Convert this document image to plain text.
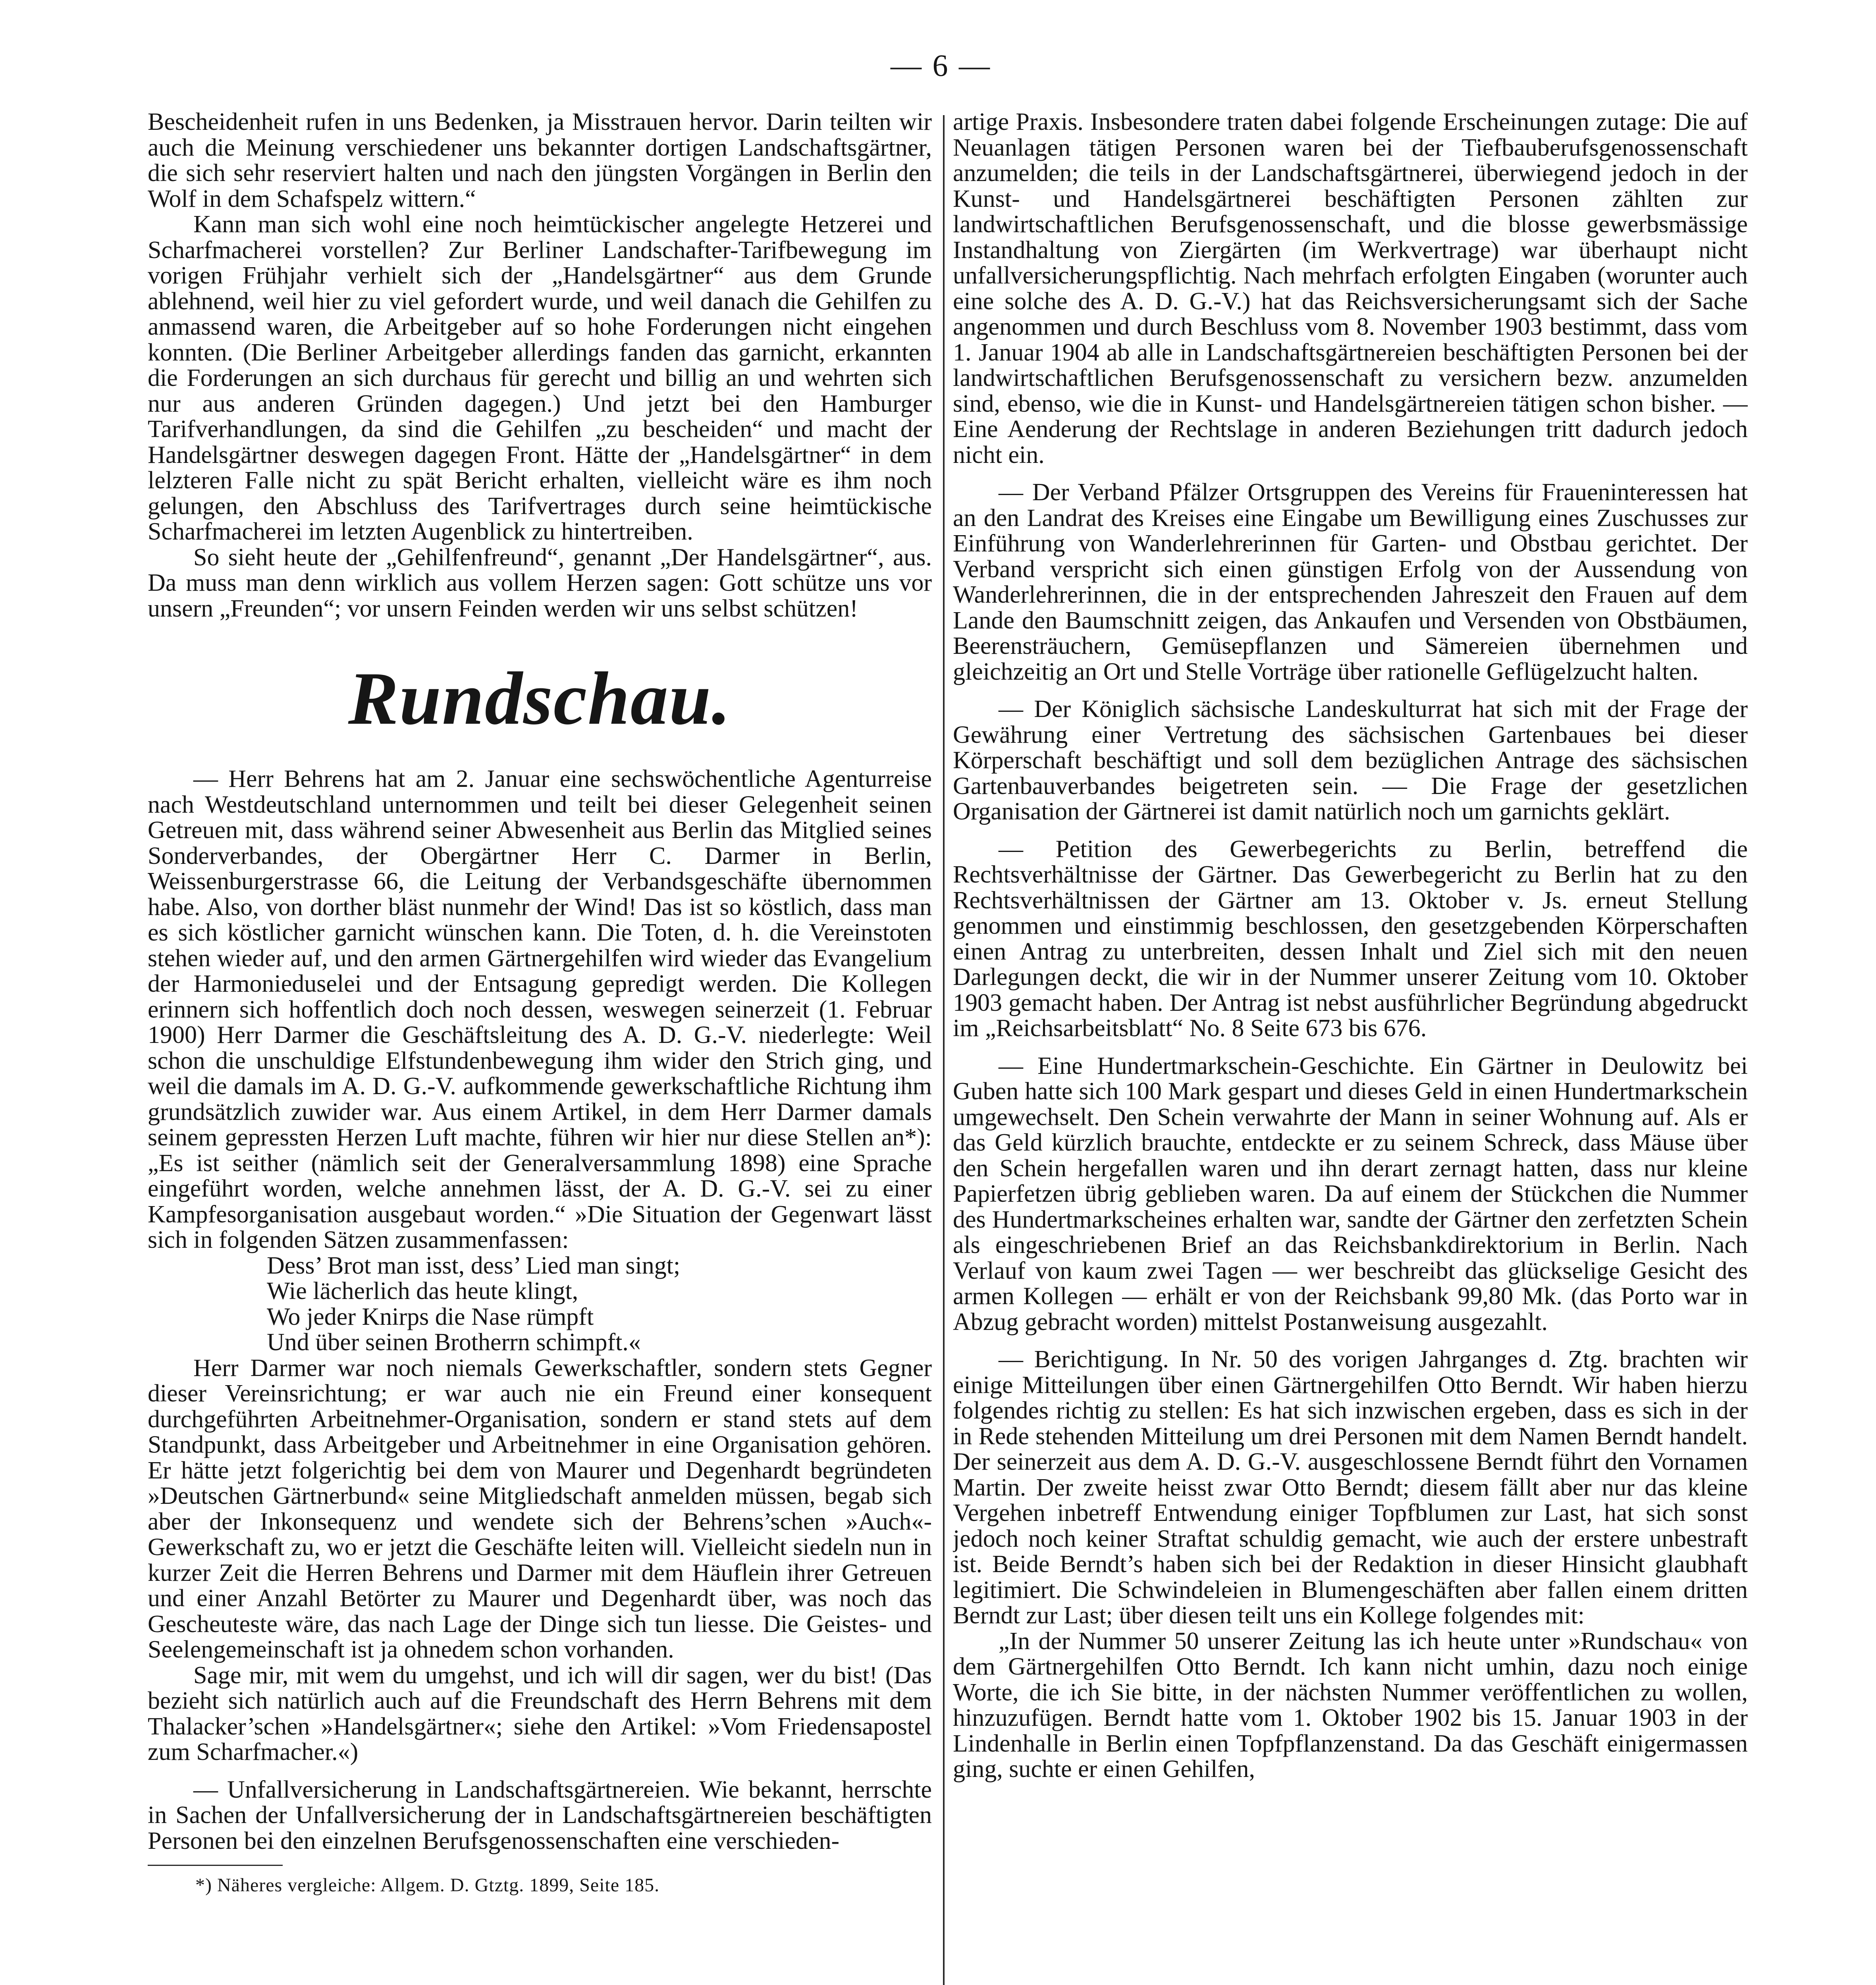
— 6 —

Bescheidenheit rufen in uns Bedenken, ja Misstrauen hervor. Darin teilten wir auch die Meinung verschiedener uns bekannter dortigen Landschaftsgärtner, die sich sehr reserviert halten und nach den jüngsten Vorgängen in Berlin den Wolf in dem Schafspelz wittern.“

Kann man sich wohl eine noch heimtückischer angelegte Hetzerei und Scharfmacherei vorstellen? Zur Berliner Landschafter-Tarifbewegung im vorigen Frühjahr verhielt sich der „Handelsgärtner“ aus dem Grunde ablehnend, weil hier zu viel gefordert wurde, und weil danach die Gehilfen zu anmassend waren, die Arbeitgeber auf so hohe Forderungen nicht eingehen konnten. (Die Berliner Arbeitgeber allerdings fanden das garnicht, erkannten die Forderungen an sich durchaus für gerecht und billig an und wehrten sich nur aus anderen Gründen dagegen.) Und jetzt bei den Hamburger Tarifverhandlungen, da sind die Gehilfen „zu bescheiden“ und macht der Handelsgärtner deswegen dagegen Front. Hätte der „Handelsgärtner“ in dem lelzteren Falle nicht zu spät Bericht erhalten, vielleicht wäre es ihm noch gelungen, den Abschluss des Tarifvertrages durch seine heimtückische Scharfmacherei im letzten Augenblick zu hintertreiben.

So sieht heute der „Gehilfenfreund“, genannt „Der Handelsgärtner“, aus. Da muss man denn wirklich aus vollem Herzen sagen: Gott schütze uns vor unsern „Freunden“; vor unsern Feinden werden wir uns selbst schützen!

Rundschau.

— Herr Behrens hat am 2. Januar eine sechswöchentliche Agenturreise nach Westdeutschland unternommen und teilt bei dieser Gelegenheit seinen Getreuen mit, dass während seiner Abwesenheit aus Berlin das Mitglied seines Sonderverbandes, der Obergärtner Herr C. Darmer in Berlin, Weissenburgerstrasse 66, die Leitung der Verbandsgeschäfte übernommen habe. Also, von dorther bläst nunmehr der Wind! Das ist so köstlich, dass man es sich köstlicher garnicht wünschen kann. Die Toten, d. h. die Vereinstoten stehen wieder auf, und den armen Gärtnergehilfen wird wieder das Evangelium der Harmonieduselei und der Entsagung gepredigt werden. Die Kollegen erinnern sich hoffentlich doch noch dessen, weswegen seinerzeit (1. Februar 1900) Herr Darmer die Geschäftsleitung des A. D. G.-V. niederlegte: Weil schon die unschuldige Elfstundenbewegung ihm wider den Strich ging, und weil die damals im A. D. G.-V. aufkommende gewerkschaftliche Richtung ihm grundsätzlich zuwider war. Aus einem Artikel, in dem Herr Darmer damals seinem gepressten Herzen Luft machte, führen wir hier nur diese Stellen an*): „Es ist seither (nämlich seit der Generalversammlung 1898) eine Sprache eingeführt worden, welche annehmen lässt, der A. D. G.-V. sei zu einer Kampfesorganisation ausgebaut worden.“ »Die Situation der Gegenwart lässt sich in folgenden Sätzen zusammenfassen:

Dess’ Brot man isst, dess’ Lied man singt;

Wie lächerlich das heute klingt,

Wo jeder Knirps die Nase rümpft

Und über seinen Brotherrn schimpft.«

Herr Darmer war noch niemals Gewerkschaftler, sondern stets Gegner dieser Vereinsrichtung; er war auch nie ein Freund einer konsequent durchgeführten Arbeitnehmer-Organisation, sondern er stand stets auf dem Standpunkt, dass Arbeitgeber und Arbeitnehmer in eine Organisation gehören. Er hätte jetzt folgerichtig bei dem von Maurer und Degenhardt begründeten »Deutschen Gärtnerbund« seine Mitgliedschaft anmelden müssen, begab sich aber der Inkonsequenz und wendete sich der Behrens’schen »Auch«-Gewerkschaft zu, wo er jetzt die Geschäfte leiten will. Vielleicht siedeln nun in kurzer Zeit die Herren Behrens und Darmer mit dem Häuflein ihrer Getreuen und einer Anzahl Betörter zu Maurer und Degenhardt über, was noch das Gescheuteste wäre, das nach Lage der Dinge sich tun liesse. Die Geistes- und Seelengemeinschaft ist ja ohnedem schon vorhanden.

Sage mir, mit wem du umgehst, und ich will dir sagen, wer du bist! (Das bezieht sich natürlich auch auf die Freundschaft des Herrn Behrens mit dem Thalacker’schen »Handelsgärtner«; siehe den Artikel: »Vom Friedensapostel zum Scharfmacher.«)

— Unfallversicherung in Landschaftsgärtnereien. Wie bekannt, herrschte in Sachen der Unfallversicherung der in Landschaftsgärtnereien beschäftigten Personen bei den einzelnen Berufsgenossenschaften eine verschieden-

*) Näheres vergleiche: Allgem. D. Gtztg. 1899, Seite 185.

artige Praxis. Insbesondere traten dabei folgende Erscheinungen zutage: Die auf Neuanlagen tätigen Personen waren bei der Tiefbauberufsgenossenschaft anzumelden; die teils in der Landschaftsgärtnerei, überwiegend jedoch in der Kunst- und Handelsgärtnerei beschäftigten Personen zählten zur landwirtschaftlichen Berufsgenossenschaft, und die blosse gewerbsmässige Instandhaltung von Ziergärten (im Werkvertrage) war überhaupt nicht unfallversicherungspflichtig. Nach mehrfach erfolgten Eingaben (worunter auch eine solche des A. D. G.-V.) hat das Reichsversicherungsamt sich der Sache angenommen und durch Beschluss vom 8. November 1903 bestimmt, dass vom 1. Januar 1904 ab alle in Landschaftsgärtnereien beschäftigten Personen bei der landwirtschaftlichen Berufsgenossenschaft zu versichern bezw. anzumelden sind, ebenso, wie die in Kunst- und Handelsgärtnereien tätigen schon bisher. — Eine Aenderung der Rechtslage in anderen Beziehungen tritt dadurch jedoch nicht ein.

— Der Verband Pfälzer Ortsgruppen des Vereins für Fraueninteressen hat an den Landrat des Kreises eine Eingabe um Bewilligung eines Zuschusses zur Einführung von Wanderlehrerinnen für Garten- und Obstbau gerichtet. Der Verband verspricht sich einen günstigen Erfolg von der Aussendung von Wanderlehrerinnen, die in der entsprechenden Jahreszeit den Frauen auf dem Lande den Baumschnitt zeigen, das Ankaufen und Versenden von Obstbäumen, Beerensträuchern, Gemüsepflanzen und Sämereien übernehmen und gleichzeitig an Ort und Stelle Vorträge über rationelle Geflügelzucht halten.

— Der Königlich sächsische Landeskulturrat hat sich mit der Frage der Gewährung einer Vertretung des sächsischen Gartenbaues bei dieser Körperschaft beschäftigt und soll dem bezüglichen Antrage des sächsischen Gartenbauverbandes beigetreten sein. — Die Frage der gesetzlichen Organisation der Gärtnerei ist damit natürlich noch um garnichts geklärt.

— Petition des Gewerbegerichts zu Berlin, betreffend die Rechtsverhältnisse der Gärtner. Das Gewerbegericht zu Berlin hat zu den Rechtsverhältnissen der Gärtner am 13. Oktober v. Js. erneut Stellung genommen und einstimmig beschlossen, den gesetzgebenden Körperschaften einen Antrag zu unterbreiten, dessen Inhalt und Ziel sich mit den neuen Darlegungen deckt, die wir in der Nummer unserer Zeitung vom 10. Oktober 1903 gemacht haben. Der Antrag ist nebst ausführlicher Begründung abgedruckt im „Reichsarbeitsblatt“ No. 8 Seite 673 bis 676.

— Eine Hundertmarkschein-Geschichte. Ein Gärtner in Deulowitz bei Guben hatte sich 100 Mark gespart und dieses Geld in einen Hundertmarkschein umgewechselt. Den Schein verwahrte der Mann in seiner Wohnung auf. Als er das Geld kürzlich brauchte, entdeckte er zu seinem Schreck, dass Mäuse über den Schein hergefallen waren und ihn derart zernagt hatten, dass nur kleine Papierfetzen übrig geblieben waren. Da auf einem der Stückchen die Nummer des Hundertmarkscheines erhalten war, sandte der Gärtner den zerfetzten Schein als eingeschriebenen Brief an das Reichsbankdirektorium in Berlin. Nach Verlauf von kaum zwei Tagen — wer beschreibt das glückselige Gesicht des armen Kollegen — erhält er von der Reichsbank 99,80 Mk. (das Porto war in Abzug gebracht worden) mittelst Postanweisung ausgezahlt.

— Berichtigung. In Nr. 50 des vorigen Jahrganges d. Ztg. brachten wir einige Mitteilungen über einen Gärtnergehilfen Otto Berndt. Wir haben hierzu folgendes richtig zu stellen: Es hat sich inzwischen ergeben, dass es sich in der in Rede stehenden Mitteilung um drei Personen mit dem Namen Berndt handelt. Der seinerzeit aus dem A. D. G.-V. ausgeschlossene Berndt führt den Vornamen Martin. Der zweite heisst zwar Otto Berndt; diesem fällt aber nur das kleine Vergehen inbetreff Entwendung einiger Topfblumen zur Last, hat sich sonst jedoch noch keiner Straftat schuldig gemacht, wie auch der erstere unbestraft ist. Beide Berndt’s haben sich bei der Redaktion in dieser Hinsicht glaubhaft legitimiert. Die Schwindeleien in Blumengeschäften aber fallen einem dritten Berndt zur Last; über diesen teilt uns ein Kollege folgendes mit:

„In der Nummer 50 unserer Zeitung las ich heute unter »Rundschau« von dem Gärtnergehilfen Otto Berndt. Ich kann nicht umhin, dazu noch einige Worte, die ich Sie bitte, in der nächsten Nummer veröffentlichen zu wollen, hinzuzufügen. Berndt hatte vom 1. Oktober 1902 bis 15. Januar 1903 in der Lindenhalle in Berlin einen Topfpflanzenstand. Da das Geschäft einigermassen ging, suchte er einen Gehilfen,
